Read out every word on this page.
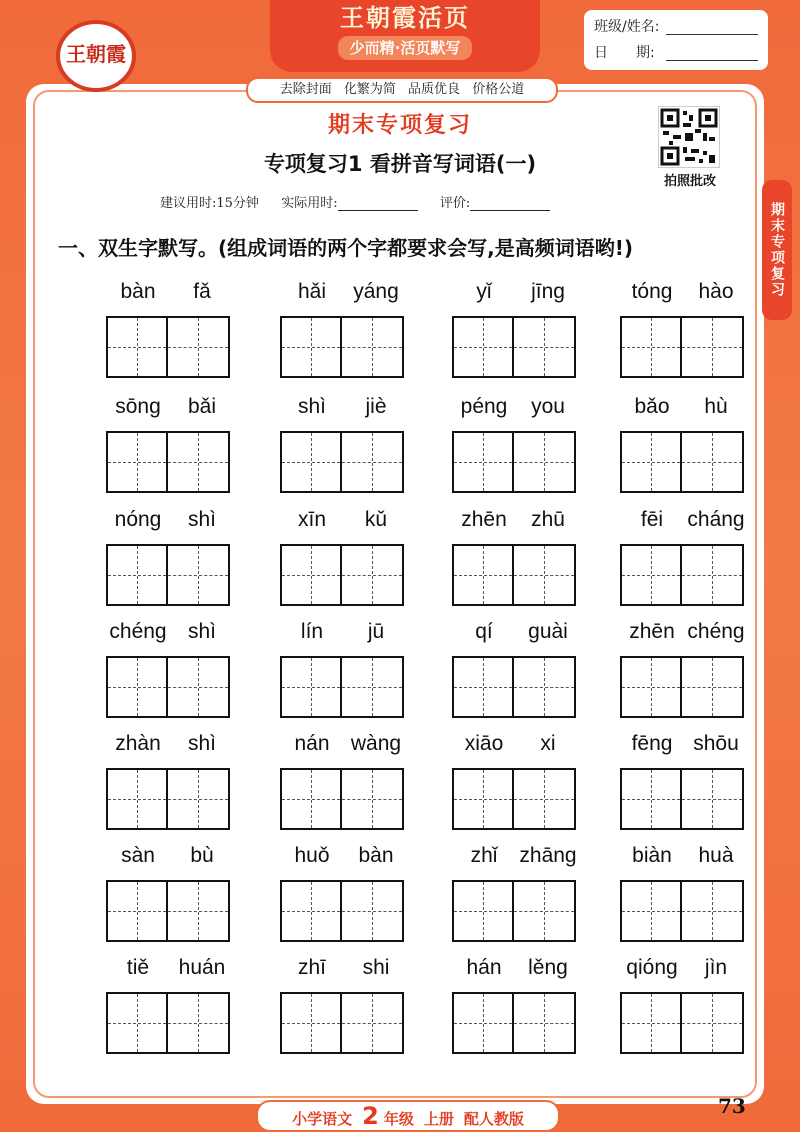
王朝霞
王朝霞活页
少而精·活页默写
班级/姓名:
日　　期:
去除封面 化繁为简 品质优良 价格公道
期末专项复习
专项复习1 看拼音写词语(一)
建议用时:15分钟 实际用时:	评价:
拍照批改
期末专项复习
一、双生字默写。(组成词语的两个字都要求会写,是高频词语哟!)
bàn	fǎ	hǎi	yáng	yǐ	jīng	tóng	hào
sōng	bǎi	shì	jiè	péng	you	bǎo	hù
nóng	shì	xīn	kǔ	zhēn	zhū	fēi	cháng
chéng	shì	lín	jū	qí	guài	zhēn chéng
zhàn	shì	nán	wàng	xiāo	xi	fēng shōu
sàn	bù	huǒ	bàn	zhǐ	zhāng	biàn	huà
tiě	huán	zhī	shi	hán	lěng	qióng	jìn
小学语文 2 年级 上册 配人教版
73
